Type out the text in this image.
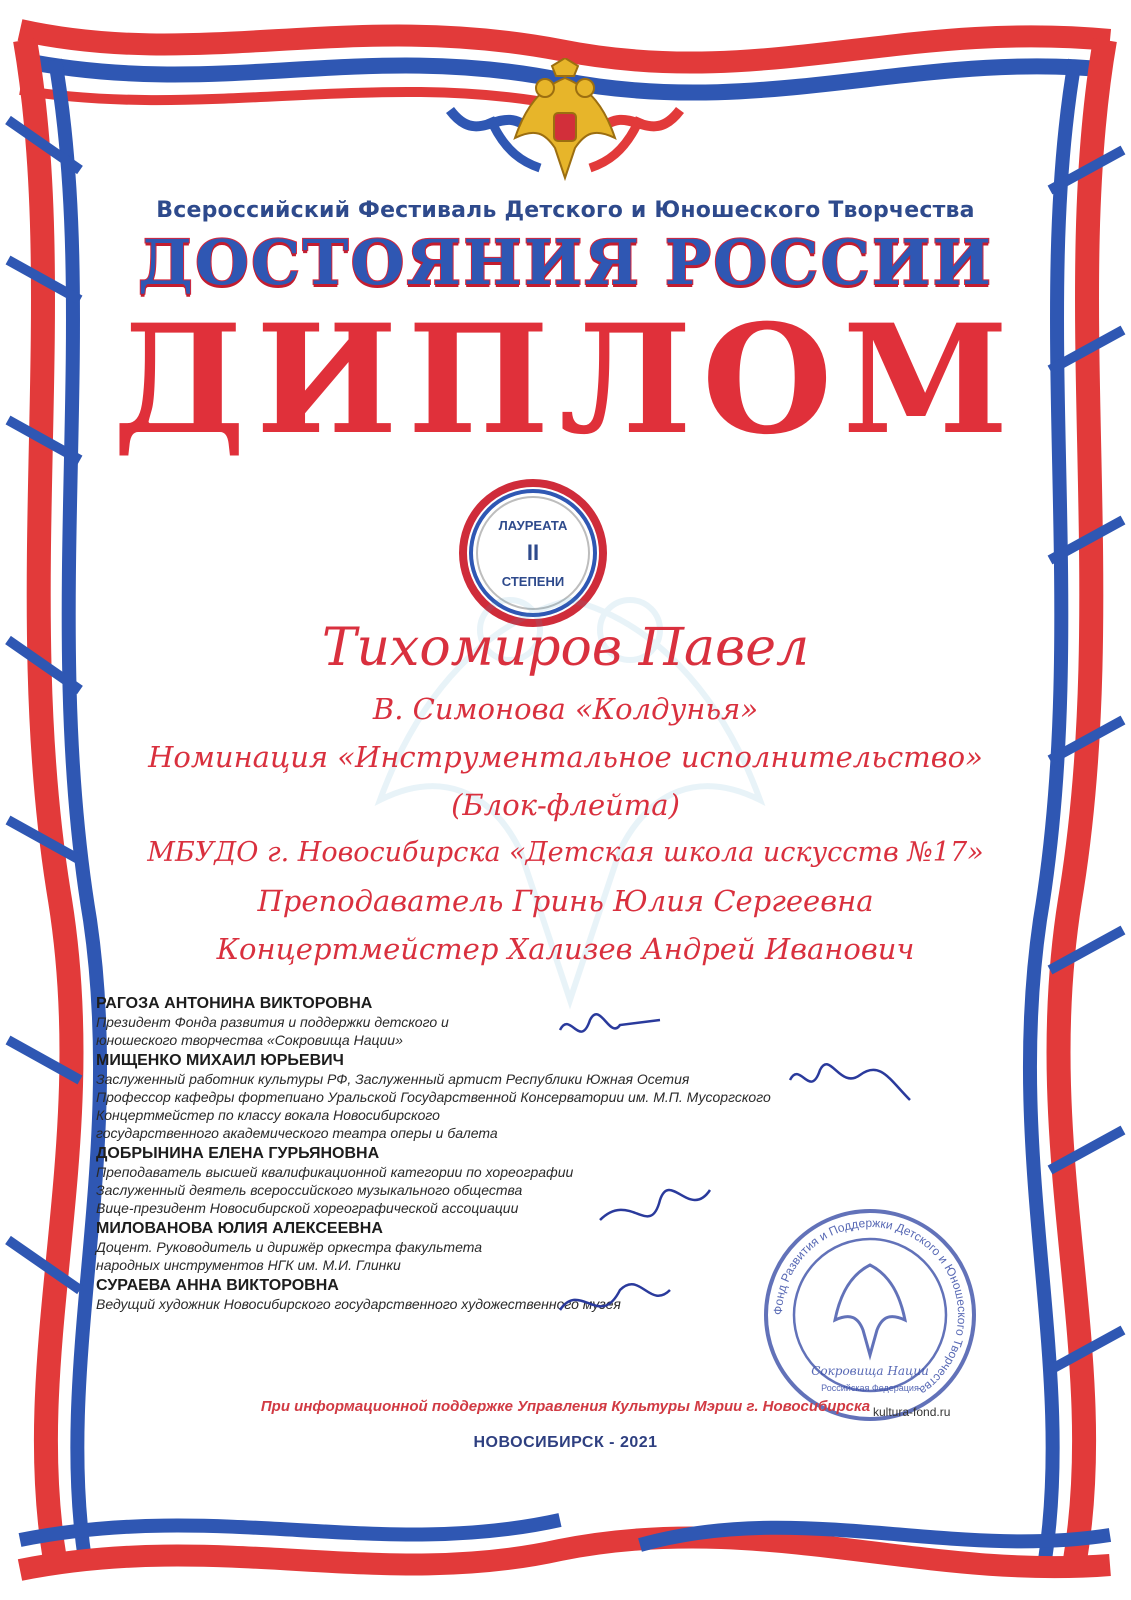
Всероссийский Фестиваль Детского и Юношеского Творчества
ДОСТОЯНИЯ РОССИИ
ДИПЛОМ
ЛАУРЕАТА
II
СТЕПЕНИ
Тихомиров Павел
В. Симонова «Колдунья»
Номинация «Инструментальное исполнительство»
(Блок-флейта)
МБУДО г. Новосибирска «Детская школа искусств №17»
Преподаватель Гринь Юлия Сергеевна
Концертмейстер Хализев Андрей Иванович
РАГОЗА АНТОНИНА ВИКТОРОВНА
Президент Фонда развития и поддержки детского и
юношеского творчества «Сокровища Нации»
МИЩЕНКО МИХАИЛ ЮРЬЕВИЧ
Заслуженный работник культуры РФ, Заслуженный артист Республики Южная Осетия
Профессор кафедры фортепиано Уральской Государственной Консерватории им. М.П. Мусоргского
Концертмейстер по классу вокала Новосибирского
государственного академического театра оперы и балета
ДОБРЫНИНА ЕЛЕНА ГУРЬЯНОВНА
Преподаватель высшей квалификационной категории по хореографии
Заслуженный деятель всероссийского музыкального общества
Вице-президент Новосибирской хореографической ассоциации
МИЛОВАНОВА ЮЛИЯ АЛЕКСЕЕВНА
Доцент. Руководитель и дирижёр оркестра факультета
народных инструментов НГК им. М.И. Глинки
СУРАЕВА АННА ВИКТОРОВНА
Ведущий художник Новосибирского государственного художественного музея	Фонд Развития и Поддержки Детского и Юношеского Творчества
Сокровища Нации
Российская Федерация
При информационной поддержке Управления Культуры Мэрии г. Новосибирска kultura-fond.ru
НОВОСИБИРСК - 2021
